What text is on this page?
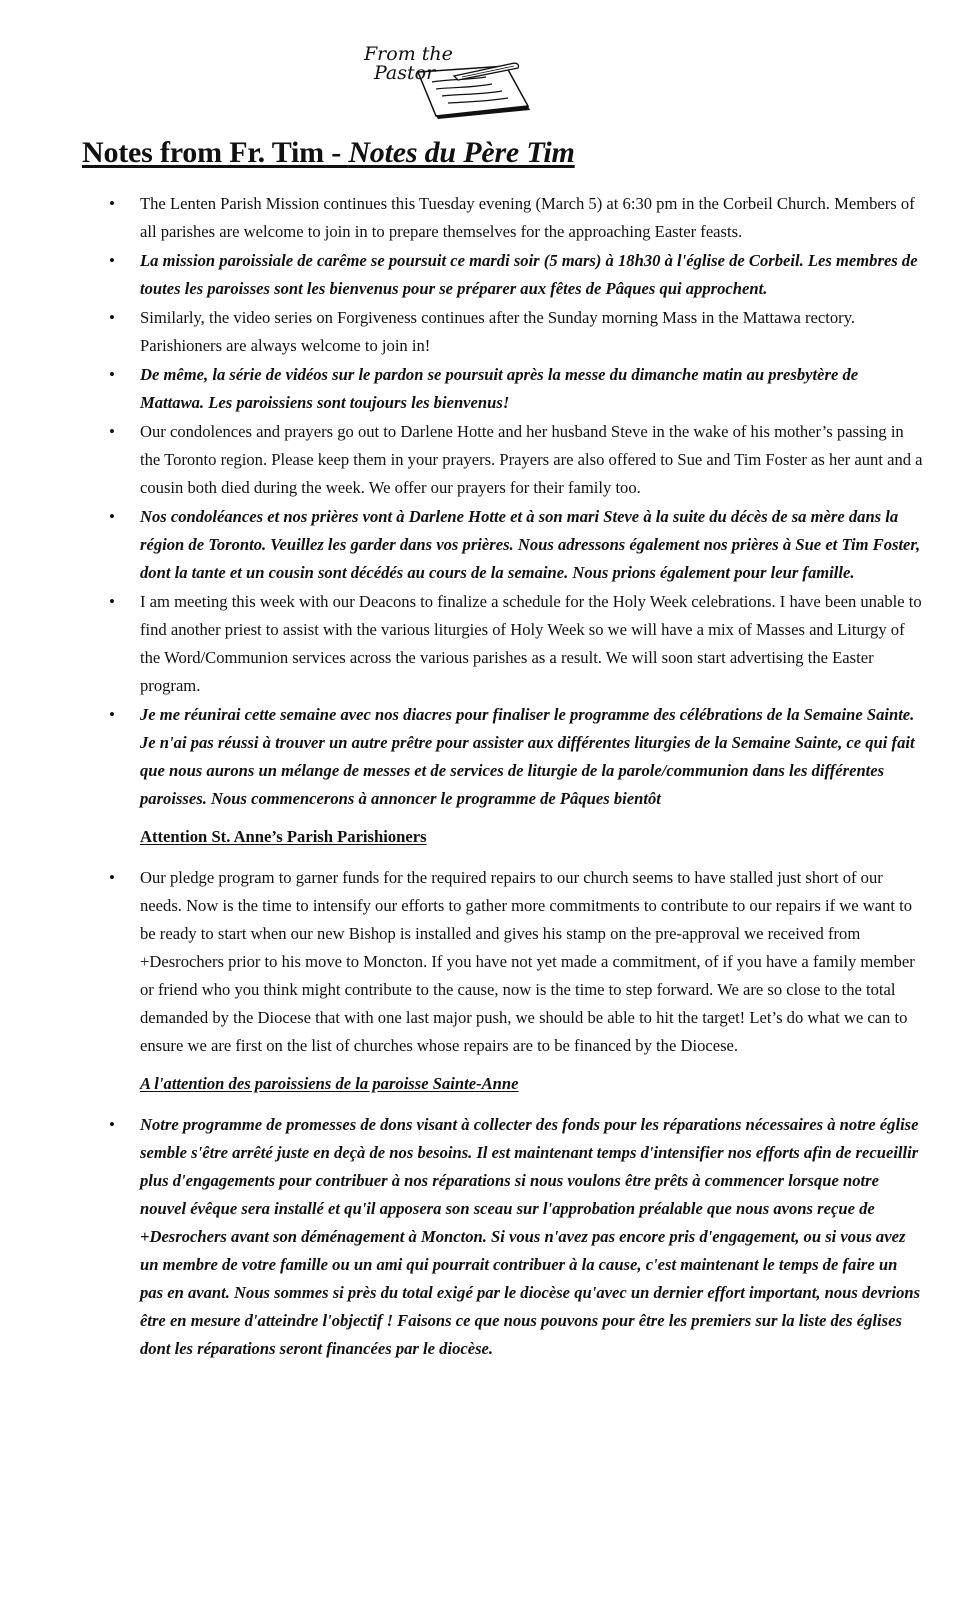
From the
Pastor
Notes from Fr. Tim - Notes du Père Tim
• The Lenten Parish Mission continues this Tuesday evening (March 5) at 6:30 pm in the Corbeil Church. Members of all parishes are welcome to join in to prepare themselves for the approaching Easter feasts.
• La mission paroissiale de carême se poursuit ce mardi soir (5 mars) à 18h30 à l'église de Corbeil. Les membres de toutes les paroisses sont les bienvenus pour se préparer aux fêtes de Pâques qui approchent.
• Similarly, the video series on Forgiveness continues after the Sunday morning Mass in the Mattawa rectory. Parishioners are always welcome to join in!
• De même, la série de vidéos sur le pardon se poursuit après la messe du dimanche matin au presbytère de Mattawa. Les paroissiens sont toujours les bienvenus!
• Our condolences and prayers go out to Darlene Hotte and her husband Steve in the wake of his mother’s passing in the Toronto region. Please keep them in your prayers. Prayers are also offered to Sue and Tim Foster as her aunt and a cousin both died during the week. We offer our prayers for their family too.
• Nos condoléances et nos prières vont à Darlene Hotte et à son mari Steve à la suite du décès de sa mère dans la région de Toronto. Veuillez les garder dans vos prières. Nous adressons également nos prières à Sue et Tim Foster, dont la tante et un cousin sont décédés au cours de la semaine. Nous prions également pour leur famille.
• I am meeting this week with our Deacons to finalize a schedule for the Holy Week celebrations. I have been unable to find another priest to assist with the various liturgies of Holy Week so we will have a mix of Masses and Liturgy of the Word/Communion services across the various parishes as a result. We will soon start advertising the Easter program.
• Je me réunirai cette semaine avec nos diacres pour finaliser le programme des célébrations de la Semaine Sainte. Je n'ai pas réussi à trouver un autre prêtre pour assister aux différentes liturgies de la Semaine Sainte, ce qui fait que nous aurons un mélange de messes et de services de liturgie de la parole/communion dans les différentes paroisses. Nous commencerons à annoncer le programme de Pâques bientôt
Attention St. Anne’s Parish Parishioners
• Our pledge program to garner funds for the required repairs to our church seems to have stalled just short of our needs. Now is the time to intensify our efforts to gather more commitments to contribute to our repairs if we want to be ready to start when our new Bishop is installed and gives his stamp on the pre-approval we received from +Desrochers prior to his move to Moncton. If you have not yet made a commitment, of if you have a family member or friend who you think might contribute to the cause, now is the time to step forward. We are so close to the total demanded by the Diocese that with one last major push, we should be able to hit the target! Let’s do what we can to ensure we are first on the list of churches whose repairs are to be financed by the Diocese.
A l'attention des paroissiens de la paroisse Sainte-Anne
• Notre programme de promesses de dons visant à collecter des fonds pour les réparations nécessaires à notre église semble s'être arrêté juste en deçà de nos besoins. Il est maintenant temps d'intensifier nos efforts afin de recueillir plus d'engagements pour contribuer à nos réparations si nous voulons être prêts à commencer lorsque notre nouvel évêque sera installé et qu'il apposera son sceau sur l'approbation préalable que nous avons reçue de +Desrochers avant son déménagement à Moncton. Si vous n'avez pas encore pris d'engagement, ou si vous avez un membre de votre famille ou un ami qui pourrait contribuer à la cause, c'est maintenant le temps de faire un pas en avant. Nous sommes si près du total exigé par le diocèse qu'avec un dernier effort important, nous devrions être en mesure d'atteindre l'objectif ! Faisons ce que nous pouvons pour être les premiers sur la liste des églises dont les réparations seront financées par le diocèse.
